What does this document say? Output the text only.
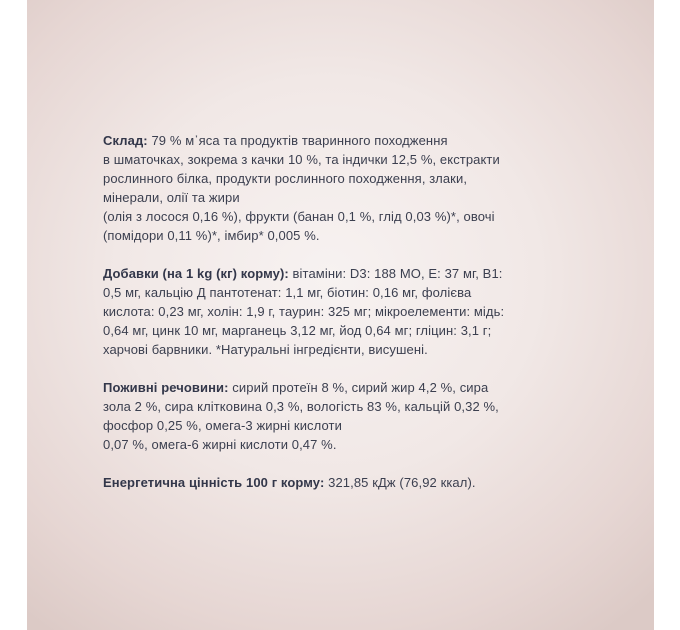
Склад: 79 % м᾽яса та продуктів тваринного походження
в шматочках, зокрема з качки 10 %, та індички 12,5 %, екстракти
рослинного білка, продукти рослинного походження, злаки,
мінерали, олії та жири
(олія з лосося 0,16 %), фрукти (банан 0,1 %, глід 0,03 %)*, овочі
(помідори 0,11 %)*, імбир* 0,005 %.
Добавки (на 1 kg (кг) корму): вітаміни: D3: 188 МО, E: 37 мг, B1:
0,5 мг, кальцію Д пантотенат: 1,1 мг, біотин: 0,16 мг, фолієва
кислота: 0,23 мг, холін: 1,9 г, таурин: 325 мг; мікроелементи: мідь:
0,64 мг, цинк 10 мг, марганець 3,12 мг, йод 0,64 мг; гліцин: 3,1 г;
харчові барвники. *Натуральні інгредієнти, висушені.
Поживні речовини: сирий протеїн 8 %, сирий жир 4,2 %, сира
зола 2 %, сира клітковина 0,3 %, вологість 83 %, кальцій 0,32 %,
фосфор 0,25 %, омега-3 жирні кислоти
0,07 %, омега-6 жирні кислоти 0,47 %.
Енергетична цінність 100 г корму: 321,85 кДж (76,92 ккал).
